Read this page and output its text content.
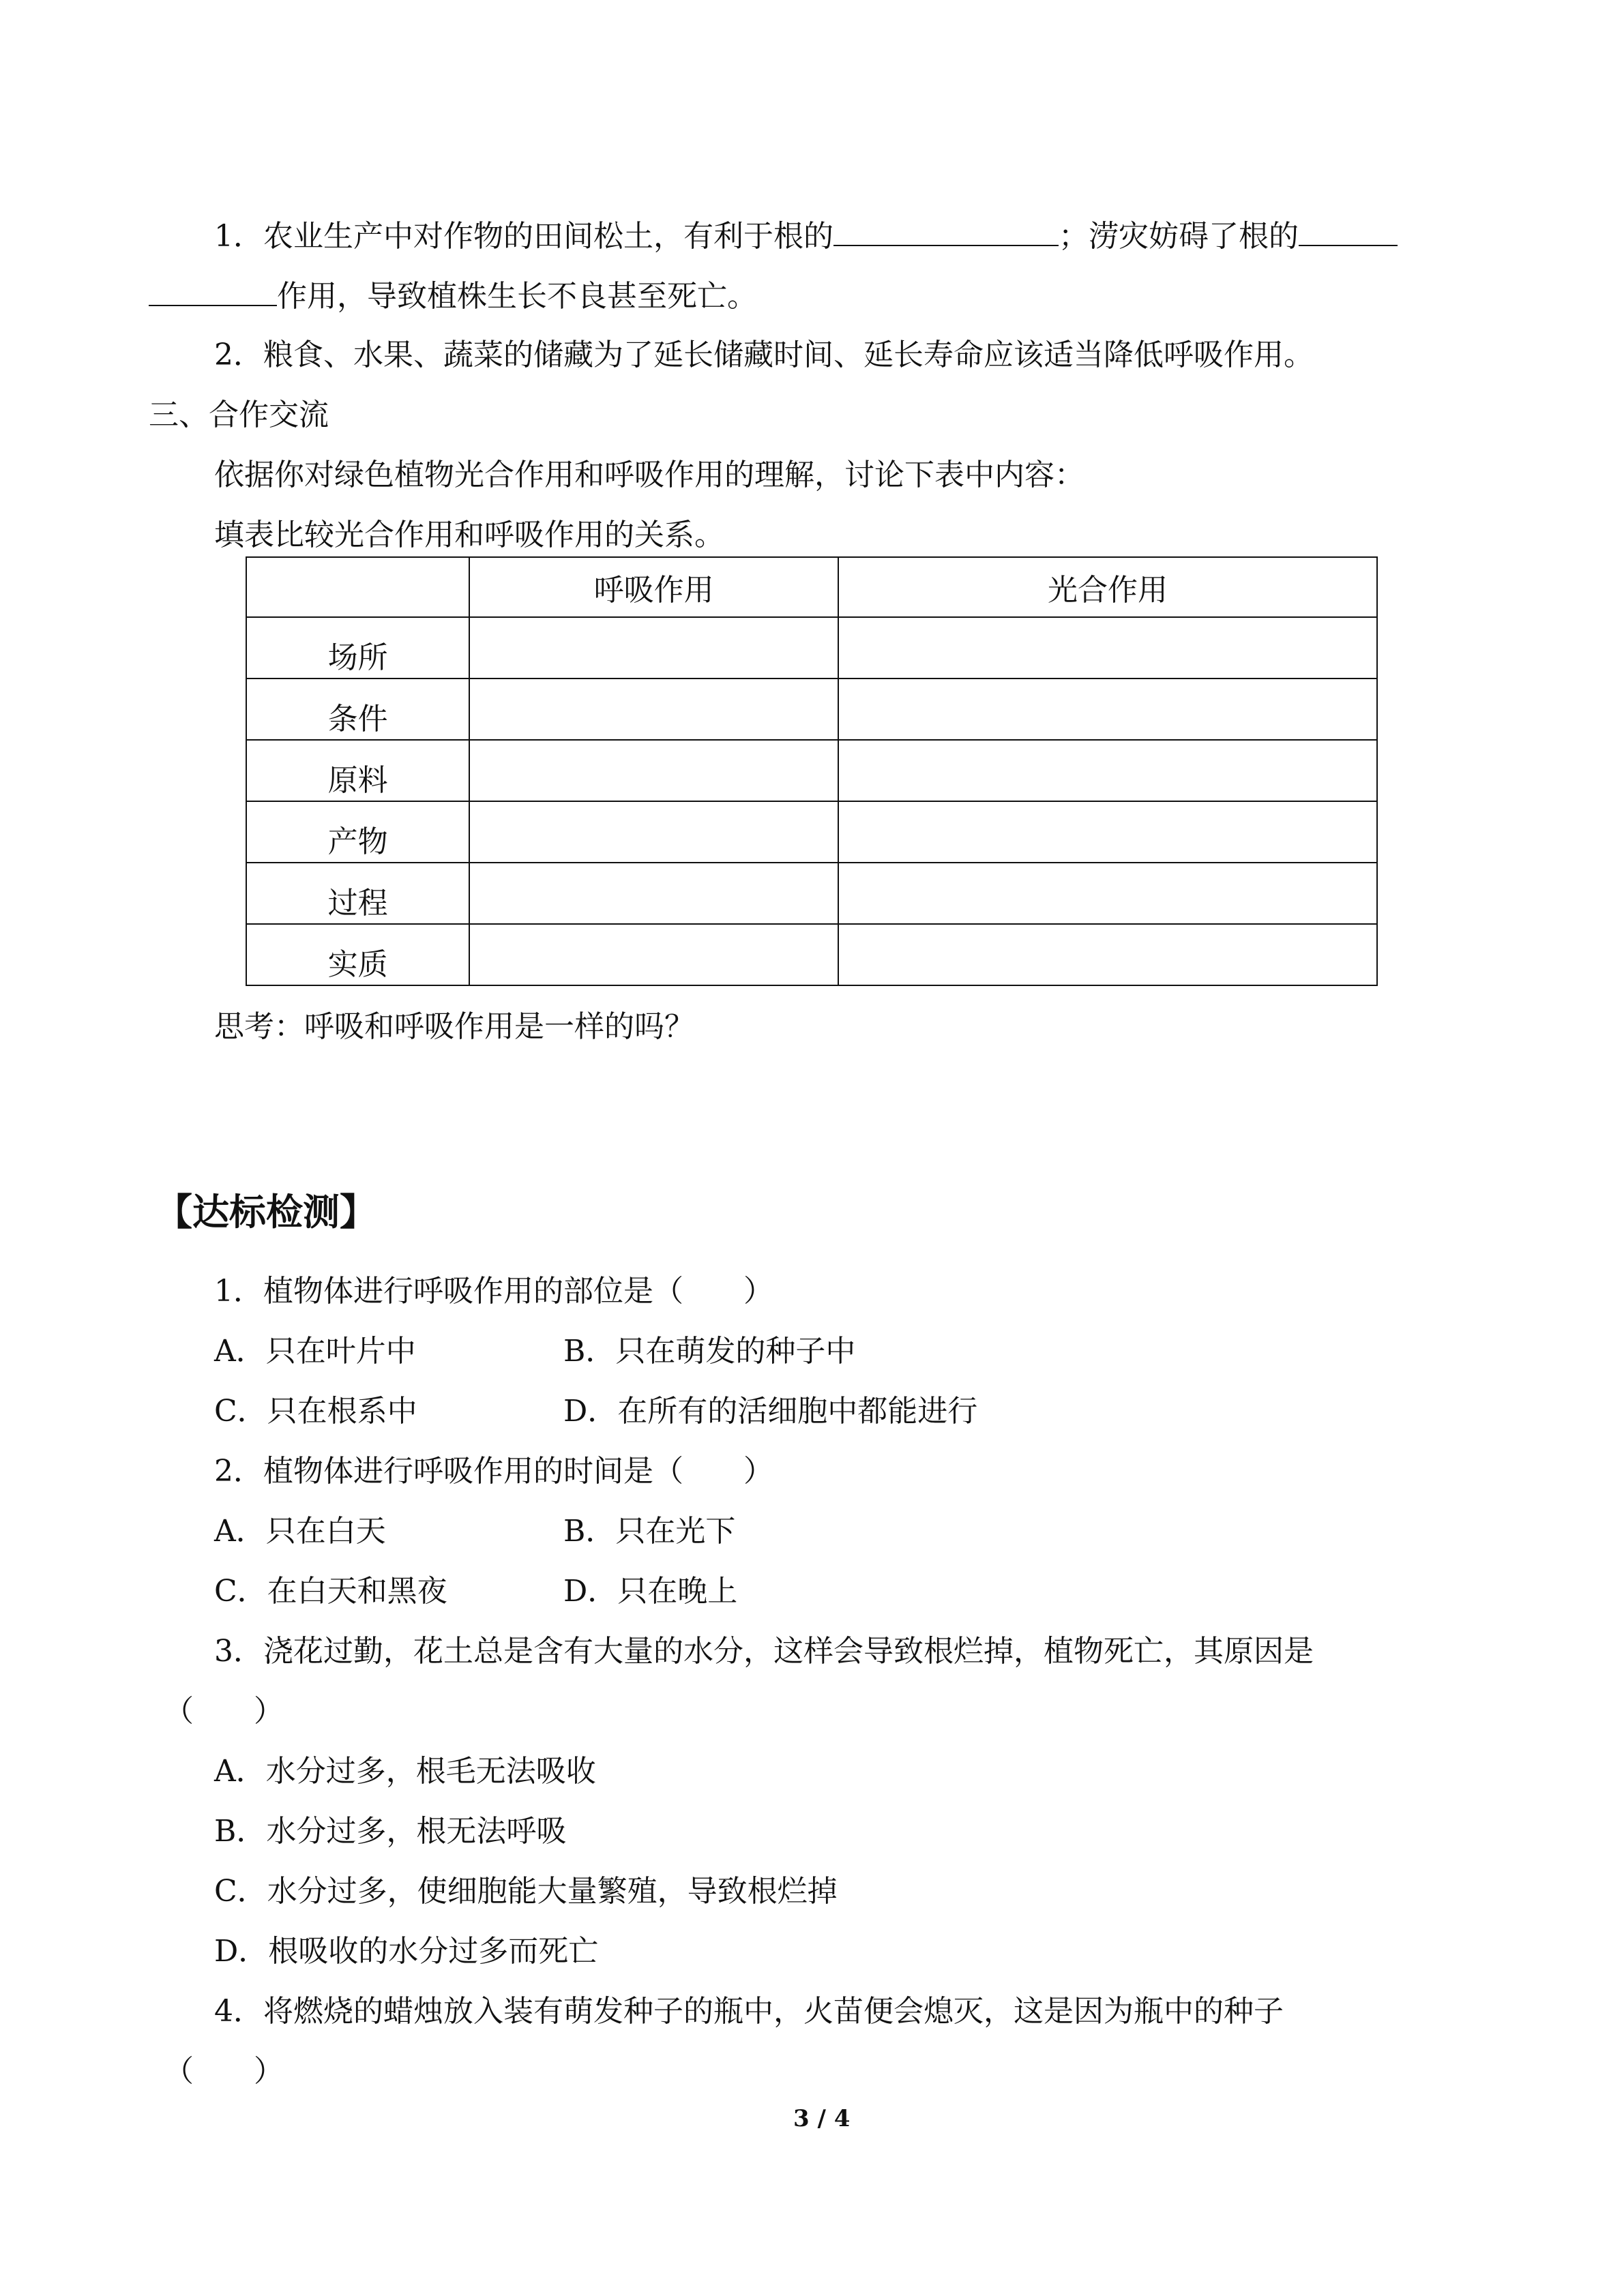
1．农业生产中对作物的田间松土，有利于根的	；涝灾妨碍了根的
作用，导致植株生长不良甚至死亡。
2．粮食、水果、蔬菜的储藏为了延长储藏时间、延长寿命应该适当降低呼吸作用。
三、合作交流
依据你对绿色植物光合作用和呼吸作用的理解，讨论下表中内容：
填表比较光合作用和呼吸作用的关系。
	呼吸作用	光合作用
场所		
条件		
原料		
产物		
过程		
实质		
思考：呼吸和呼吸作用是一样的吗？
【达标检测】
1．植物体进行呼吸作用的部位是（　　）
A．只在叶片中	B．只在萌发的种子中
C．只在根系中	D．在所有的活细胞中都能进行
2．植物体进行呼吸作用的时间是（　　）
A．只在白天	B．只在光下
C．在白天和黑夜	D．只在晚上
3．浇花过勤，花土总是含有大量的水分，这样会导致根烂掉，植物死亡，其原因是
（　　）
A．水分过多，根毛无法吸收
B．水分过多，根无法呼吸
C．水分过多，使细胞能大量繁殖，导致根烂掉
D．根吸收的水分过多而死亡
4．将燃烧的蜡烛放入装有萌发种子的瓶中，火苗便会熄灭，这是因为瓶中的种子
（　　）
3 / 4
